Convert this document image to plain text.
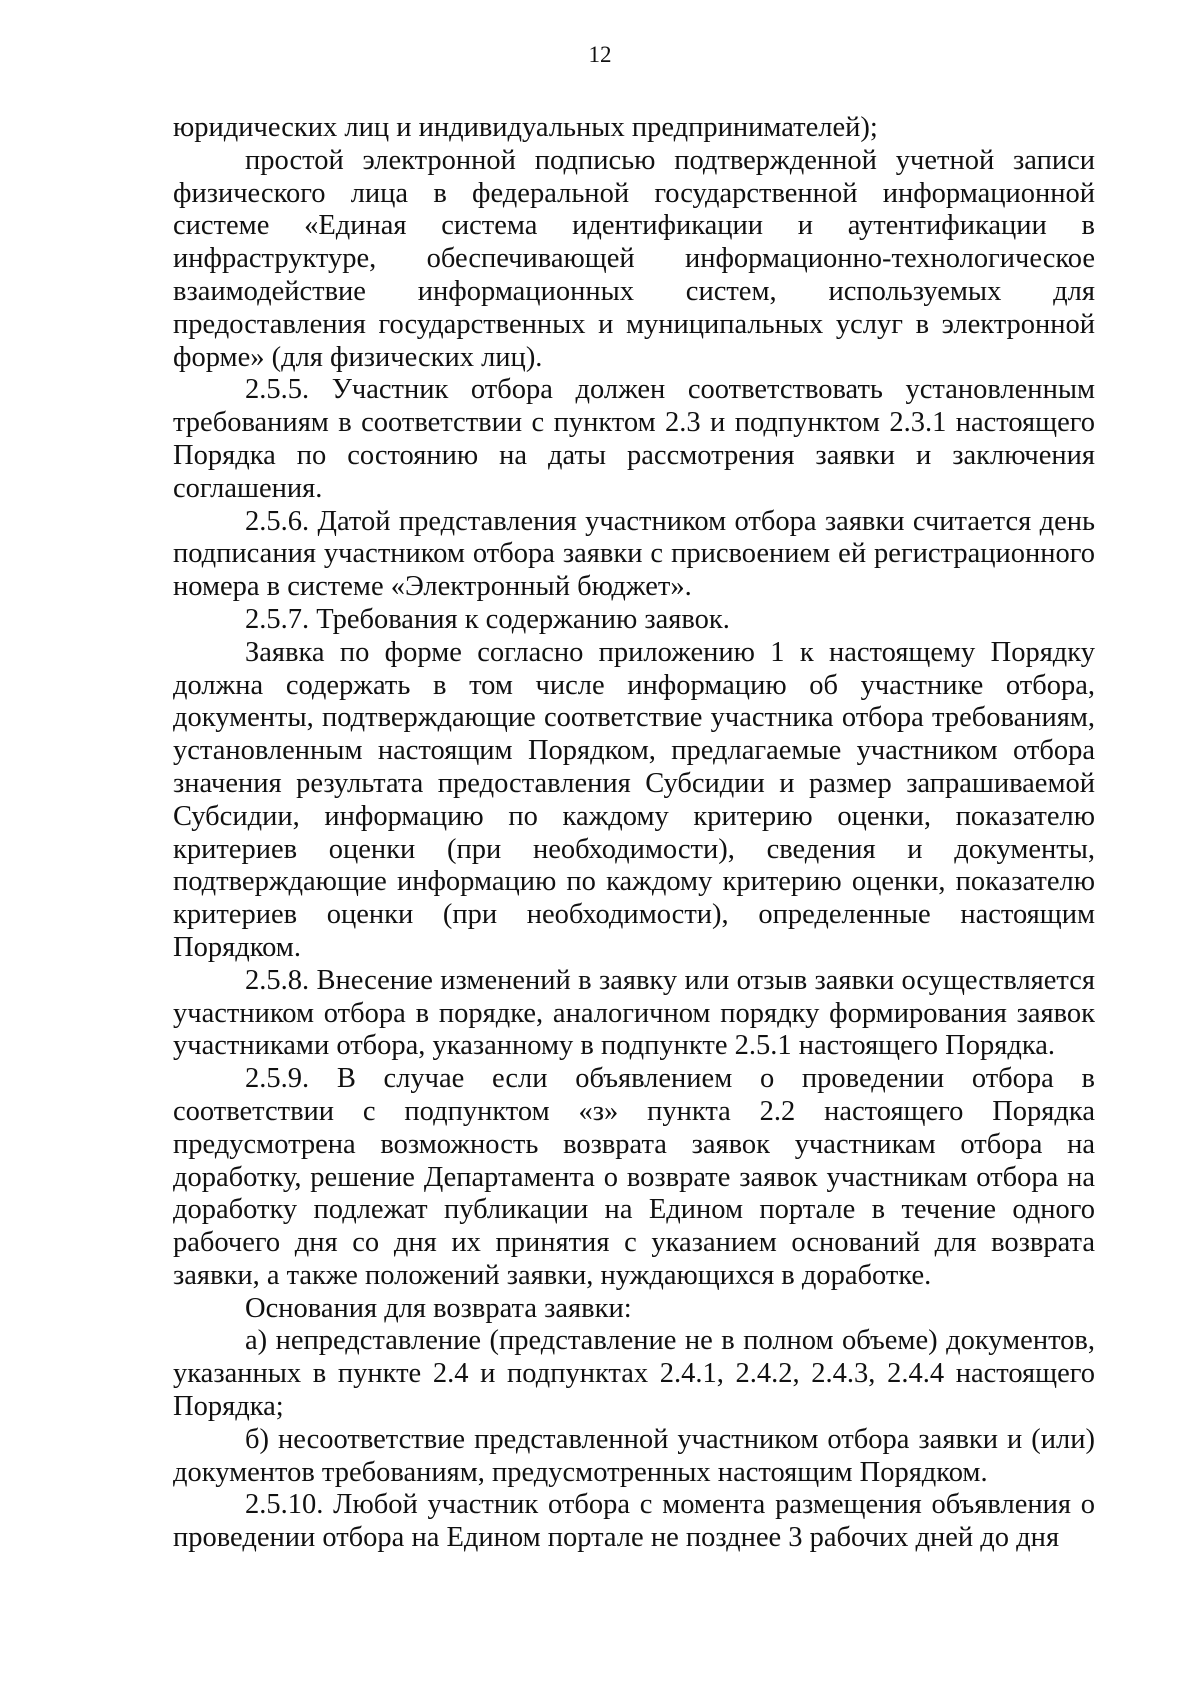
12

юридических лиц и индивидуальных предпринимателей);

простой электронной подписью подтвержденной учетной записи физического лица в федеральной государственной информационной системе «Единая система идентификации и аутентификации в инфраструктуре, обеспечивающей информационно-технологическое взаимодействие информационных систем, используемых для предоставления государственных и муниципальных услуг в электронной форме» (для физических лиц).

2.5.5. Участник отбора должен соответствовать установленным требованиям в соответствии с пунктом 2.3 и подпунктом 2.3.1 настоящего Порядка по состоянию на даты рассмотрения заявки и заключения соглашения.

2.5.6. Датой представления участником отбора заявки считается день подписания участником отбора заявки с присвоением ей регистрационного номера в системе «Электронный бюджет».

2.5.7. Требования к содержанию заявок.

Заявка по форме согласно приложению 1 к настоящему Порядку должна содержать в том числе информацию об участнике отбора, документы, подтверждающие соответствие участника отбора требованиям, установленным настоящим Порядком, предлагаемые участником отбора значения результата предоставления Субсидии и размер запрашиваемой Субсидии, информацию по каждому критерию оценки, показателю критериев оценки (при необходимости), сведения и документы, подтверждающие информацию по каждому критерию оценки, показателю критериев оценки (при необходимости), определенные настоящим Порядком.

2.5.8. Внесение изменений в заявку или отзыв заявки осуществляется участником отбора в порядке, аналогичном порядку формирования заявок участниками отбора, указанному в подпункте 2.5.1 настоящего Порядка.

2.5.9. В случае если объявлением о проведении отбора в соответствии с подпунктом «з» пункта 2.2 настоящего Порядка предусмотрена возможность возврата заявок участникам отбора на доработку, решение Департамента о возврате заявок участникам отбора на доработку подлежат публикации на Едином портале в течение одного рабочего дня со дня их принятия с указанием оснований для возврата заявки, а также положений заявки, нуждающихся в доработке.

Основания для возврата заявки:

а) непредставление (представление не в полном объеме) документов, указанных в пункте 2.4 и подпунктах 2.4.1, 2.4.2, 2.4.3, 2.4.4 настоящего Порядка;

б) несоответствие представленной участником отбора заявки и (или) документов требованиям, предусмотренных настоящим Порядком.

2.5.10. Любой участник отбора с момента размещения объявления о проведении отбора на Едином портале не позднее 3 рабочих дней до дня
